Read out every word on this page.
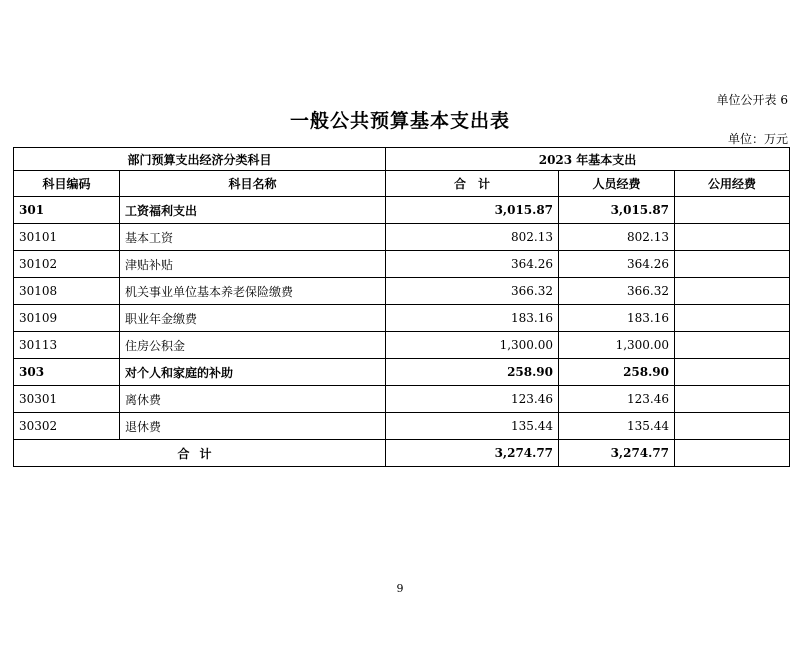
单位公开表 6
一般公共预算基本支出表
单位：万元
部门预算支出经济分类科目		2023 年基本支出		
科目编码	科目名称	合　计	人员经费	公用经费
301	工资福利支出	3,015.87	3,015.87	
30101	基本工资	802.13	802.13	
30102	津贴补贴	364.26	364.26	
30108	机关事业单位基本养老保险缴费	366.32	366.32	
30109	职业年金缴费	183.16	183.16	
30113	住房公积金	1,300.00	1,300.00	
303	对个人和家庭的补助	258.90	258.90	
30301	离休费	123.46	123.46	
30302	退休费	135.44	135.44	
合计		3,274.77	3,274.77	
9
